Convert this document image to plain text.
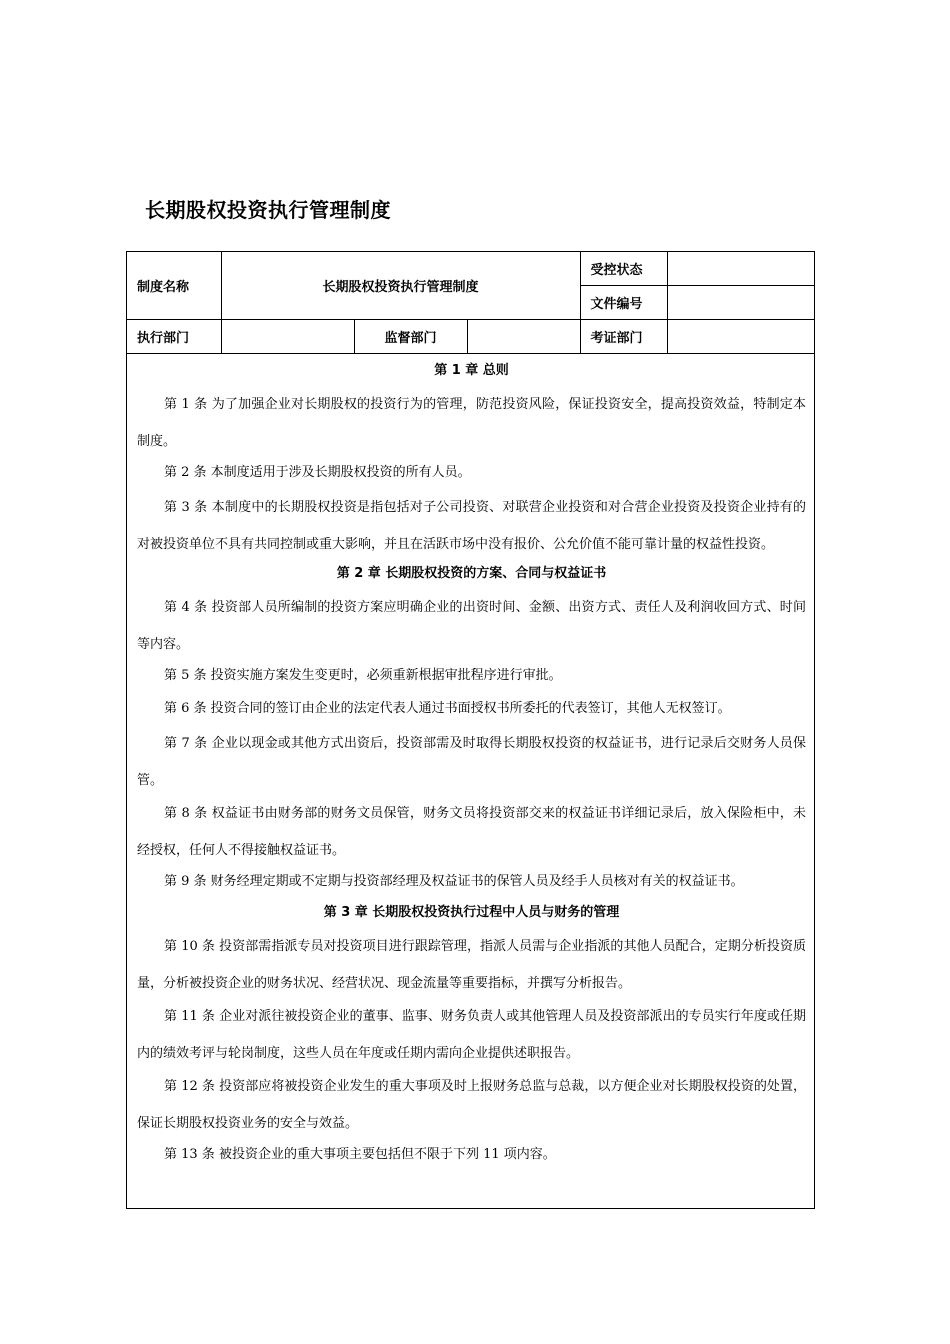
长期股权投资执行管理制度
制度名称	长期股权投资执行管理制度			受控状态	
				文件编号	
执行部门		监督部门		考证部门	
第 1 章 总则

第 1 条 为了加强企业对长期股权的投资行为的管理，防范投资风险，保证投资安全，提高投资效益，特制定本制度。

第 2 条 本制度适用于涉及长期股权投资的所有人员。

第 3 条 本制度中的长期股权投资是指包括对子公司投资、对联营企业投资和对合营企业投资及投资企业持有的对被投资单位不具有共同控制或重大影响，并且在活跃市场中没有报价、公允价值不能可靠计量的权益性投资。

第 2 章 长期股权投资的方案、合同与权益证书

第 4 条 投资部人员所编制的投资方案应明确企业的出资时间、金额、出资方式、责任人及利润收回方式、时间等内容。

第 5 条 投资实施方案发生变更时，必须重新根据审批程序进行审批。

第 6 条 投资合同的签订由企业的法定代表人通过书面授权书所委托的代表签订，其他人无权签订。

第 7 条 企业以现金或其他方式出资后，投资部需及时取得长期股权投资的权益证书，进行记录后交财务人员保管。

第 8 条 权益证书由财务部的财务文员保管，财务文员将投资部交来的权益证书详细记录后，放入保险柜中，未经授权，任何人不得接触权益证书。

第 9 条 财务经理定期或不定期与投资部经理及权益证书的保管人员及经手人员核对有关的权益证书。

第 3 章 长期股权投资执行过程中人员与财务的管理

第 10 条 投资部需指派专员对投资项目进行跟踪管理，指派人员需与企业指派的其他人员配合，定期分析投资质量，分析被投资企业的财务状况、经营状况、现金流量等重要指标，并撰写分析报告。

第 11 条 企业对派往被投资企业的董事、监事、财务负责人或其他管理人员及投资部派出的专员实行年度或任期内的绩效考评与轮岗制度，这些人员在年度或任期内需向企业提供述职报告。

第 12 条 投资部应将被投资企业发生的重大事项及时上报财务总监与总裁，以方便企业对长期股权投资的处置，保证长期股权投资业务的安全与效益。

第 13 条 被投资企业的重大事项主要包括但不限于下列 11 项内容。
